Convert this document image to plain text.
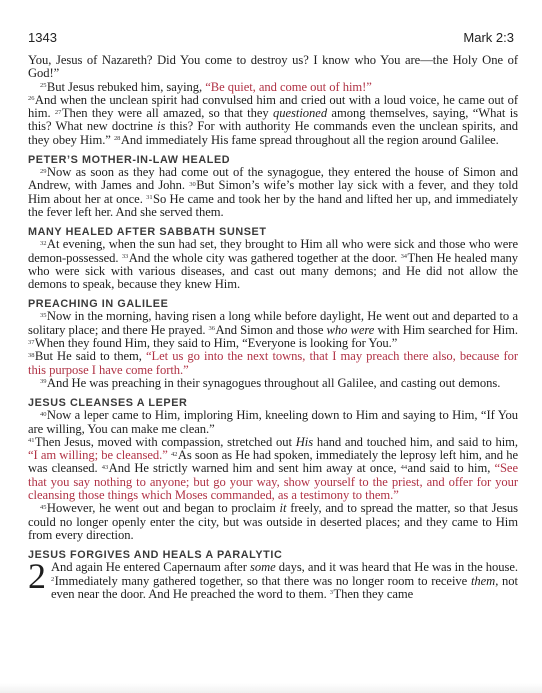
1343	Mark 2:3

You, Jesus of Nazareth? Did You come to destroy us? I know who You are—the Holy One of God!”

$^{25}$But Jesus rebuked him, saying, “Be quiet, and come out of him!”
$^{26}$And when the unclean spirit had convulsed him and cried out with a loud voice, he came out of him. $^{27}$Then they were all amazed, so that they questioned among themselves, saying, “What is this? What new doctrine is this? For with authority He commands even the unclean spirits, and they obey Him.” $^{28}$And immediately His fame spread throughout all the region around Galilee.

PETER’S MOTHER-IN-LAW HEALED

$^{29}$Now as soon as they had come out of the synagogue, they entered the house of Simon and Andrew, with James and John. $^{30}$But Simon’s wife’s mother lay sick with a fever, and they told Him about her at once. $^{31}$So He came and took her by the hand and lifted her up, and immediately the fever left her. And she served them.

MANY HEALED AFTER SABBATH SUNSET

$^{32}$At evening, when the sun had set, they brought to Him all who were sick and those who were demon-possessed. $^{33}$And the whole city was gathered together at the door. $^{34}$Then He healed many who were sick with various diseases, and cast out many demons; and He did not allow the demons to speak, because they knew Him.

PREACHING IN GALILEE

$^{35}$Now in the morning, having risen a long while before daylight, He went out and departed to a solitary place; and there He prayed. $^{36}$And Simon and those who were with Him searched for Him. $^{37}$When they found Him, they said to Him, “Everyone is looking for You.”
$^{38}$But He said to them, “Let us go into the next towns, that I may preach there also, because for this purpose I have come forth.”

$^{39}$And He was preaching in their synagogues throughout all Galilee, and casting out demons.

JESUS CLEANSES A LEPER

$^{40}$Now a leper came to Him, imploring Him, kneeling down to Him and saying to Him, “If You are willing, You can make me clean.”
$^{41}$Then Jesus, moved with compassion, stretched out His hand and touched him, and said to him, “I am willing; be cleansed.” $^{42}$As soon as He had spoken, immediately the leprosy left him, and he was cleansed. $^{43}$And He strictly warned him and sent him away at once, $^{44}$and said to him, “See that you say nothing to anyone; but go your way, show yourself to the priest, and offer for your cleansing those things which Moses commanded, as a testimony to them.”

$^{45}$However, he went out and began to proclaim it freely, and to spread the matter, so that Jesus could no longer openly enter the city, but was outside in deserted places; and they came to Him from every direction.

JESUS FORGIVES AND HEALS A PARALYTIC

2 And again He entered Capernaum after some days, and it was heard that He was in the house. $^2$Immediately many gathered together, so that there was no longer room to receive them, not even near the door. And He preached the word to them. $^3$Then they came
